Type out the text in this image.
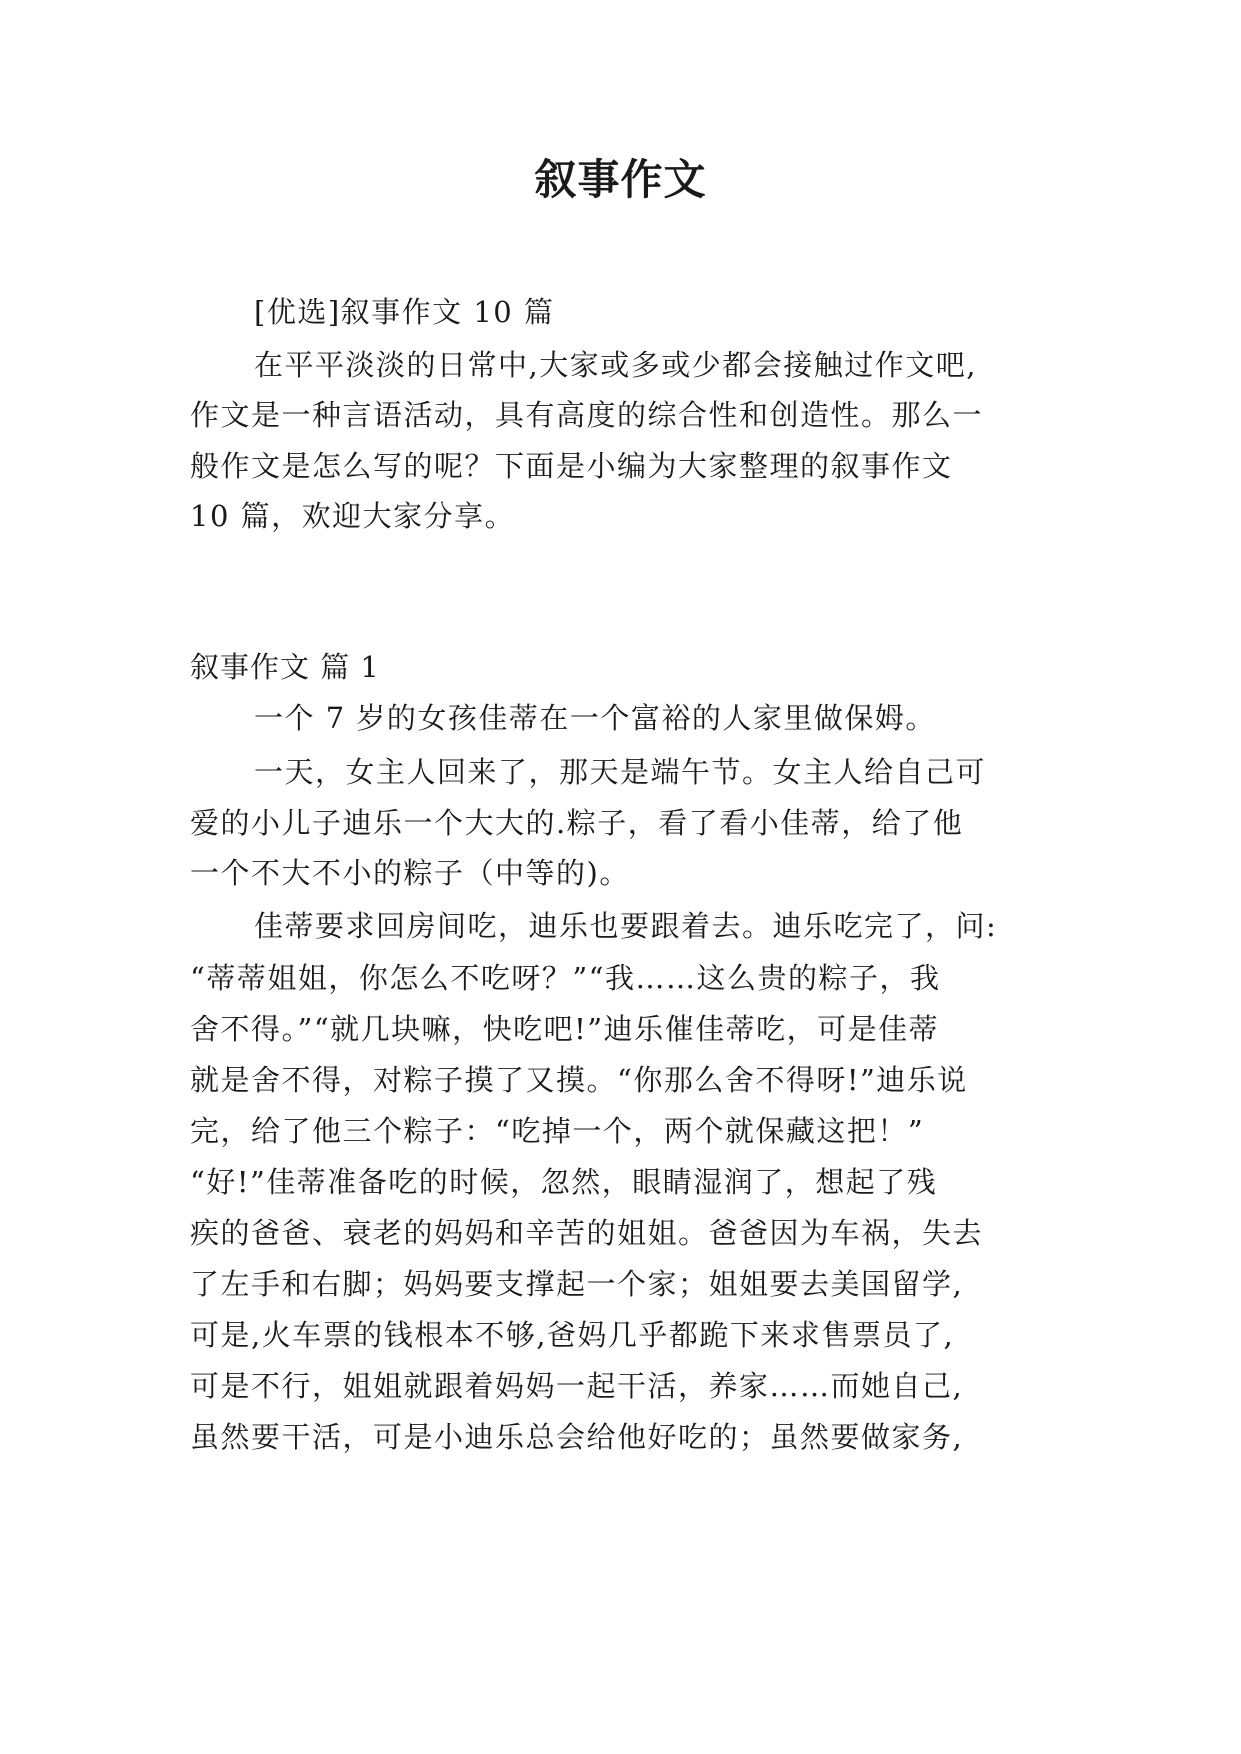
叙事作文
[优选]叙事作文 10 篇
在平平淡淡的日常中,大家或多或少都会接触过作文吧,
作文是一种言语活动，具有高度的综合性和创造性。那么一
般作文是怎么写的呢？下面是小编为大家整理的叙事作文
10 篇，欢迎大家分享。
叙事作文 篇 1
一个 7 岁的女孩佳蒂在一个富裕的人家里做保姆。
一天，女主人回来了，那天是端午节。女主人给自己可
爱的小儿子迪乐一个大大的.粽子，看了看小佳蒂，给了他
一个不大不小的粽子（中等的)。
佳蒂要求回房间吃，迪乐也要跟着去。迪乐吃完了，问:
“蒂蒂姐姐，你怎么不吃呀？”“我……这么贵的粽子，我
舍不得。”“就几块嘛，快吃吧!”迪乐催佳蒂吃，可是佳蒂
就是舍不得，对粽子摸了又摸。“你那么舍不得呀!”迪乐说
完，给了他三个粽子：“吃掉一个，两个就保藏这把！”
“好!”佳蒂准备吃的时候，忽然，眼睛湿润了，想起了残
疾的爸爸、衰老的妈妈和辛苦的姐姐。爸爸因为车祸，失去
了左手和右脚；妈妈要支撑起一个家；姐姐要去美国留学,
可是,火车票的钱根本不够,爸妈几乎都跪下来求售票员了,
可是不行，姐姐就跟着妈妈一起干活，养家……而她自己,
虽然要干活，可是小迪乐总会给他好吃的；虽然要做家务,
